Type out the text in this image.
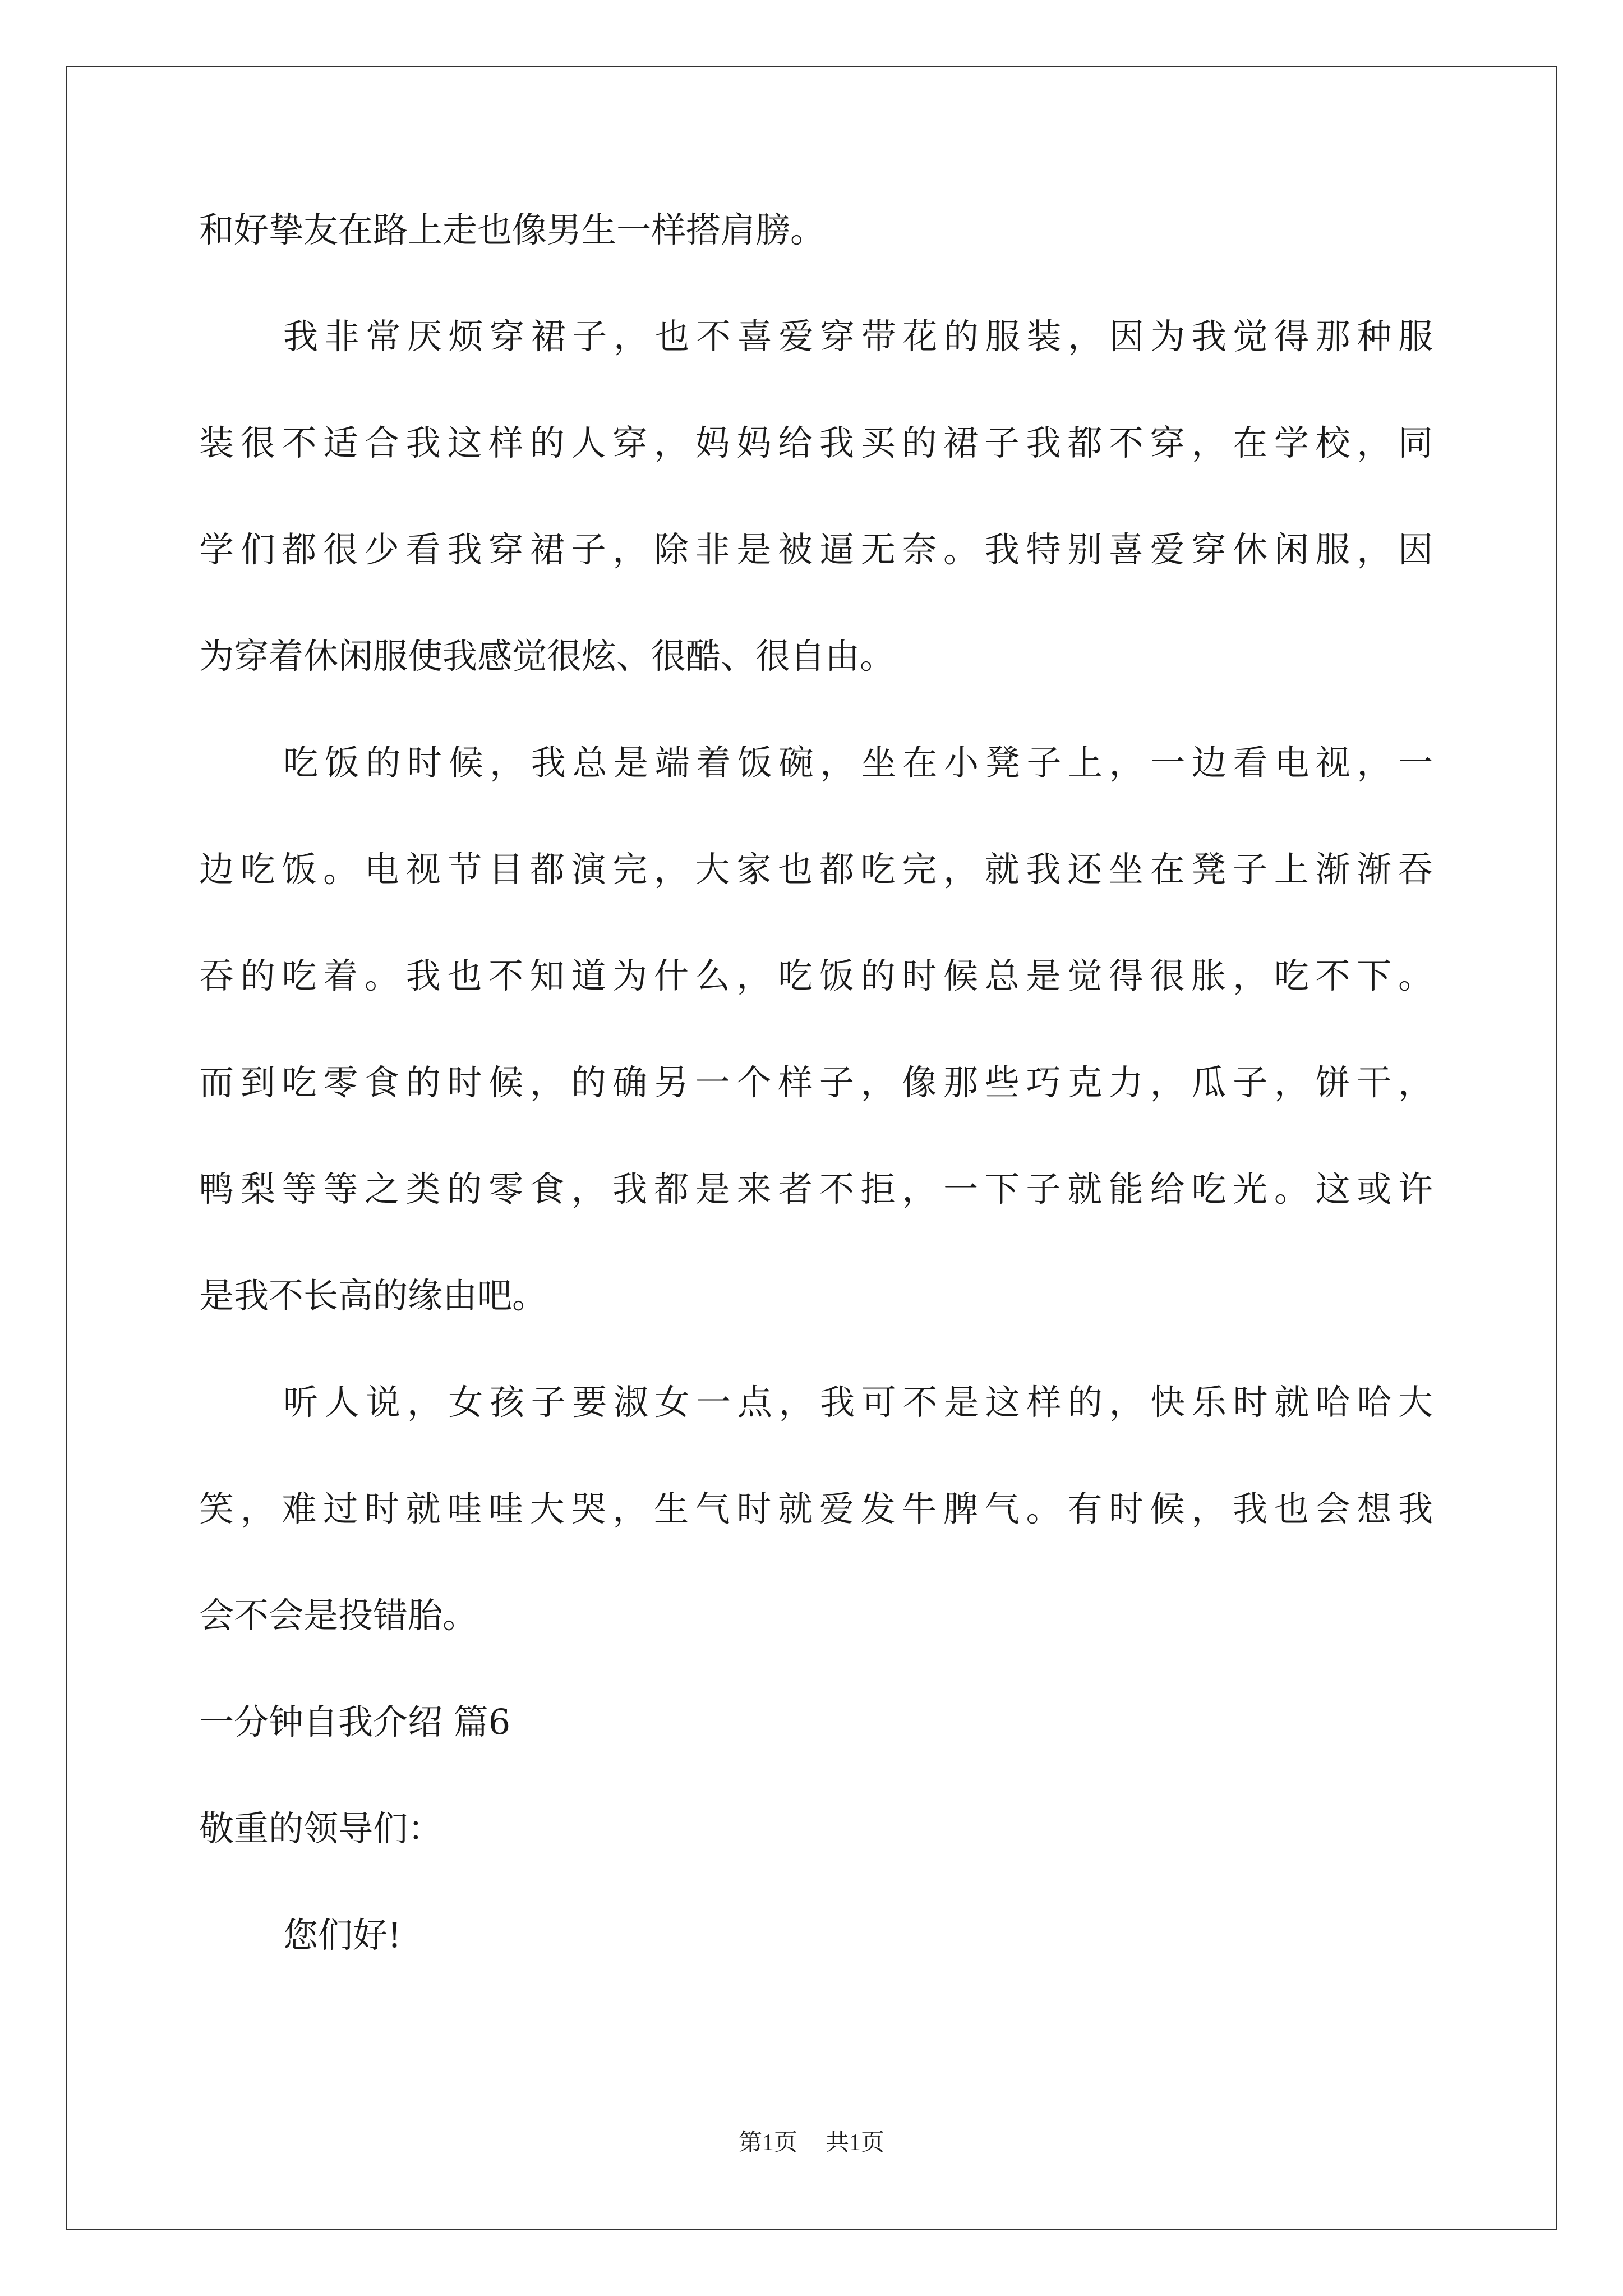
和好挚友在路上走也像男生一样搭肩膀。
我非常厌烦穿裙子，也不喜爱穿带花的服装，因为我觉得那种服
装很不适合我这样的人穿，妈妈给我买的裙子我都不穿，在学校，同
学们都很少看我穿裙子，除非是被逼无奈。我特别喜爱穿休闲服，因
为穿着休闲服使我感觉很炫、很酷、很自由。
吃饭的时候，我总是端着饭碗，坐在小凳子上，一边看电视，一
边吃饭。电视节目都演完，大家也都吃完，就我还坐在凳子上渐渐吞
吞的吃着。我也不知道为什么，吃饭的时候总是觉得很胀，吃不下。
而到吃零食的时候，的确另一个样子，像那些巧克力，瓜子，饼干，
鸭梨等等之类的零食，我都是来者不拒，一下子就能给吃光。这或许
是我不长高的缘由吧。
听人说，女孩子要淑女一点，我可不是这样的，快乐时就哈哈大
笑，难过时就哇哇大哭，生气时就爱发牛脾气。有时候，我也会想我
会不会是投错胎。
一分钟自我介绍 篇6
敬重的领导们：
您们好!
第1页 共1页
